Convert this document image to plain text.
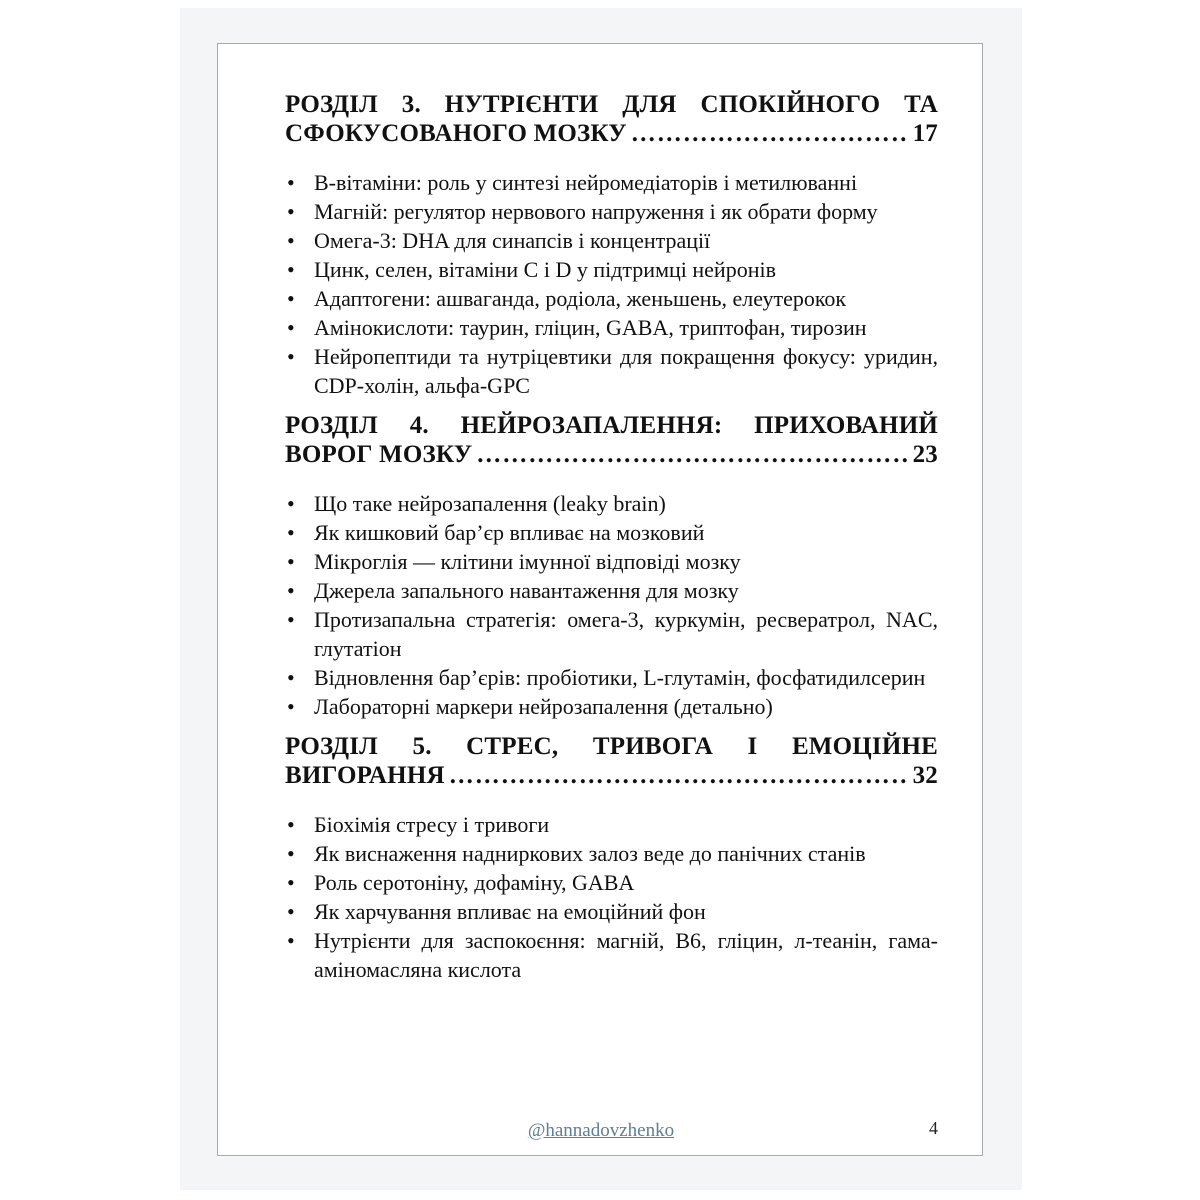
РОЗДІЛ 3. НУТРІЄНТИ ДЛЯ СПОКІЙНОГО ТА
СФОКУСОВАНОГО МОЗКУ ……………………………………………………………………………………………………………………………………………	17
• В-вітаміни: роль у синтезі нейромедіаторів і метилюванні
• Магній: регулятор нервового напруження і як обрати форму
• Омега-3: DHA для синапсів і концентрації
• Цинк, селен, вітаміни C і D у підтримці нейронів
• Адаптогени: ашваганда, родіола, женьшень, елеутерокок
• Амінокислоти: таурин, гліцин, GABA, триптофан, тирозин
• Нейропептиди та нутріцевтики для покращення фокусу: уридин, CDP-холін, альфа-GPC
РОЗДІЛ 4. НЕЙРОЗАПАЛЕННЯ: ПРИХОВАНИЙ
ВОРОГ МОЗКУ ……………………………………………………………………………………………………………………………………………	23
• Що таке нейрозапалення (leaky brain)
• Як кишковий бар’єр впливає на мозковий
• Мікроглія — клітини імунної відповіді мозку
• Джерела запального навантаження для мозку
• Протизапальна стратегія: омега-3, куркумін, ресвератрол, NAC, глутатіон
• Відновлення бар’єрів: пробіотики, L-глутамін, фосфатидилсерин
• Лабораторні маркери нейрозапалення (детально)
РОЗДІЛ 5. СТРЕС, ТРИВОГА І ЕМОЦІЙНЕ
ВИГОРАННЯ ……………………………………………………………………………………………………………………………………………	32
• Біохімія стресу і тривоги
• Як виснаження надниркових залоз веде до панічних станів
• Роль серотоніну, дофаміну, GABA
• Як харчування впливає на емоційний фон
• Нутрієнти для заспокоєння: магній, B6, гліцин, л-теанін, гама-аміномасляна кислота
@hannadovzhenko	4
